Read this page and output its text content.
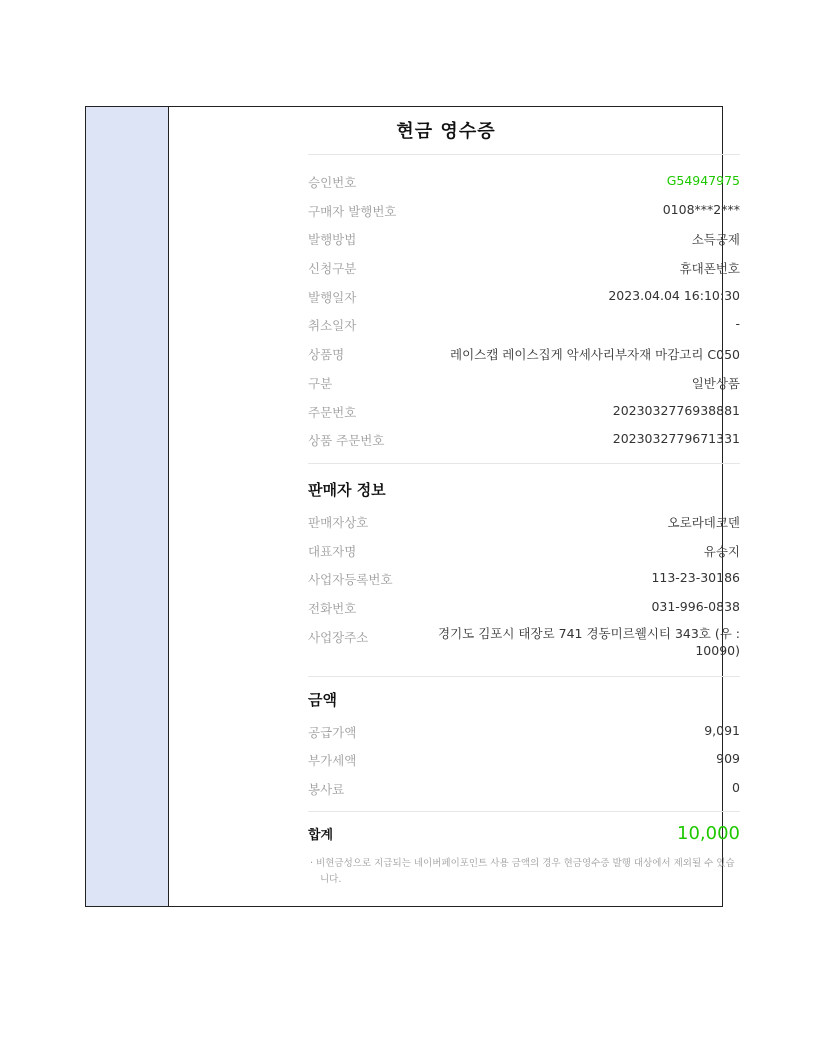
현금 영수증
승인번호	G54947975
구매자 발행번호	0108***2***
발행방법	소득공제
신청구분	휴대폰번호
발행일자	2023.04.04 16:10:30
취소일자	-
상품명	레이스캡 레이스집게 악세사리부자재 마감고리 C050
구분	일반상품
주문번호	2023032776938881
상품 주문번호	2023032779671331
판매자 정보
판매자상호	오로라데코덴
대표자명	유승지
사업자등록번호	113-23-30186
전화번호	031-996-0838
사업장주소	경기도 김포시 태장로 741 경동미르웰시티 343호 (우 : 10090)
금액
공급가액	9,091
부가세액	909
봉사료	0
합계	10,000
· 비현금성으로 지급되는 네이버페이포인트 사용 금액의 경우 현금영수증 발행 대상에서 제외될 수 있습니다.
